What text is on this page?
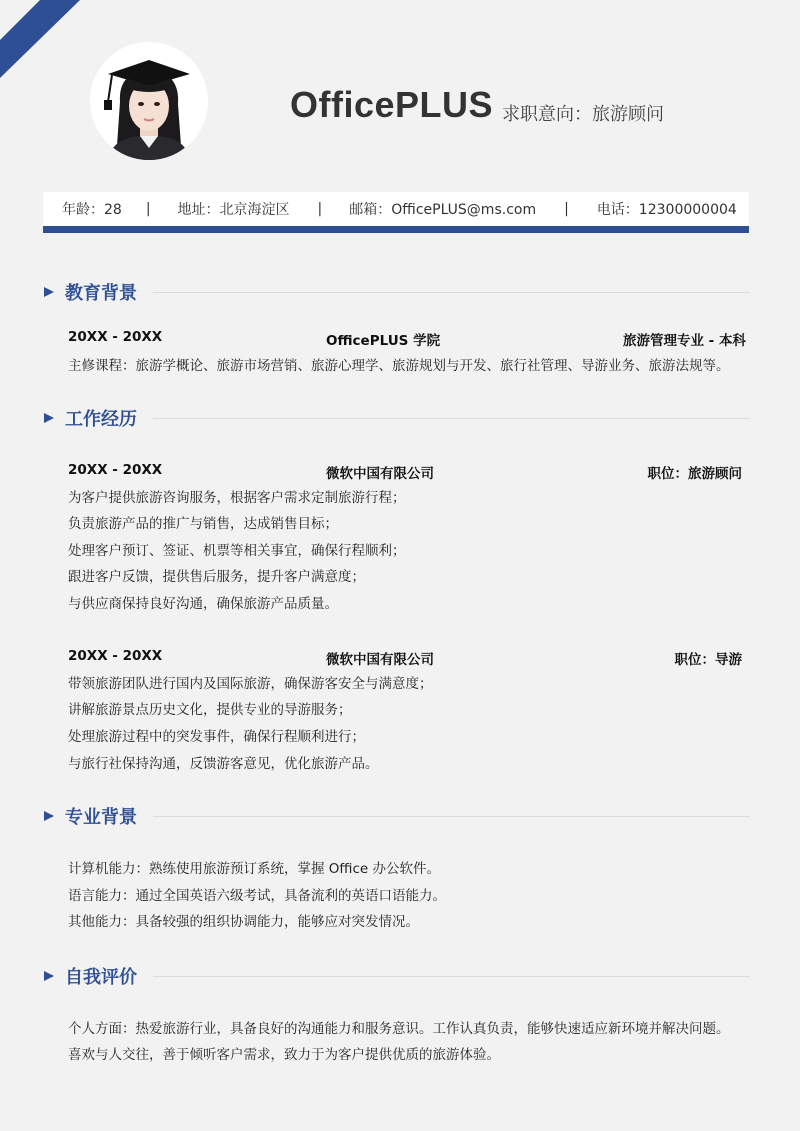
OfficePLUS 求职意向：旅游顾问
年龄：28 | 地址：北京海淀区 | 邮箱：OfficePLUS@ms.com | 电话：12300000004
教育背景
20XX - 20XX	OfficePLUS 学院	旅游管理专业 - 本科
主修课程：旅游学概论、旅游市场营销、旅游心理学、旅游规划与开发、旅行社管理、导游业务、旅游法规等。
工作经历
20XX - 20XX	微软中国有限公司	职位：旅游顾问
为客户提供旅游咨询服务，根据客户需求定制旅游行程；
负责旅游产品的推广与销售，达成销售目标；
处理客户预订、签证、机票等相关事宜，确保行程顺利；
跟进客户反馈，提供售后服务，提升客户满意度；
与供应商保持良好沟通，确保旅游产品质量。
20XX - 20XX	微软中国有限公司	职位：导游
带领旅游团队进行国内及国际旅游，确保游客安全与满意度；
讲解旅游景点历史文化，提供专业的导游服务；
处理旅游过程中的突发事件，确保行程顺利进行；
与旅行社保持沟通，反馈游客意见，优化旅游产品。
专业背景
计算机能力：熟练使用旅游预订系统，掌握 Office 办公软件。
语言能力：通过全国英语六级考试，具备流利的英语口语能力。
其他能力：具备较强的组织协调能力，能够应对突发情况。
自我评价
个人方面：热爱旅游行业，具备良好的沟通能力和服务意识。工作认真负责，能够快速适应新环境并解决问题。
喜欢与人交往，善于倾听客户需求，致力于为客户提供优质的旅游体验。
